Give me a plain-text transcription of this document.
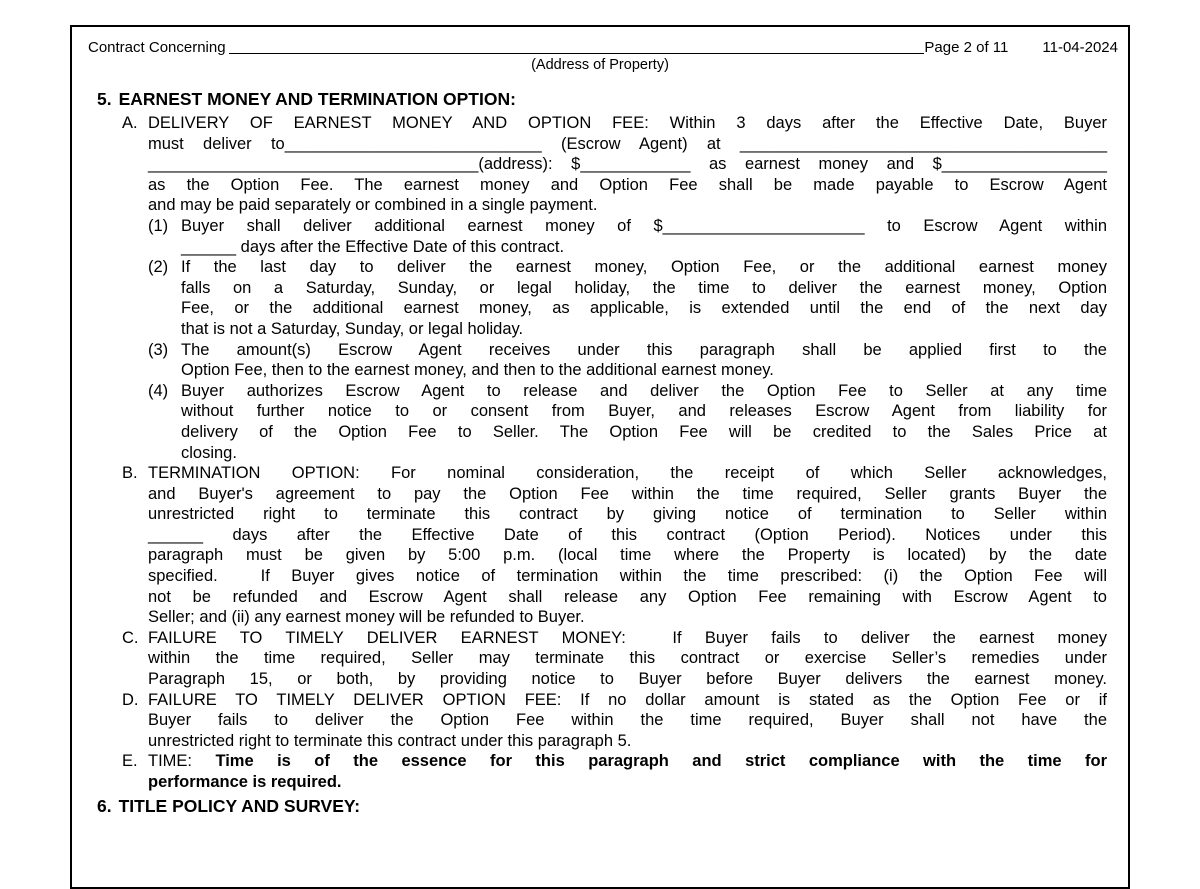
Contract Concerning	Page 2 of 11 11-04-2024
(Address of Property)
5. EARNEST MONEY AND TERMINATION OPTION:
A. DELIVERY OF EARNEST MONEY AND OPTION FEE: Within 3 days after the Effective Date, Buyer
must deliver to____________________________ (Escrow Agent) at ________________________________________
____________________________________(address): $____________ as earnest money and $__________________
as the Option Fee. The earnest money and Option Fee shall be made payable to Escrow Agent
and may be paid separately or combined in a single payment.
(1) Buyer shall deliver additional earnest money of $______________________ to Escrow Agent within
______ days after the Effective Date of this contract.
(2) If the last day to deliver the earnest money, Option Fee, or the additional earnest money
falls on a Saturday, Sunday, or legal holiday, the time to deliver the earnest money, Option
Fee, or the additional earnest money, as applicable, is extended until the end of the next day
that is not a Saturday, Sunday, or legal holiday.
(3) The amount(s) Escrow Agent receives under this paragraph shall be applied first to the
Option Fee, then to the earnest money, and then to the additional earnest money.
(4) Buyer authorizes Escrow Agent to release and deliver the Option Fee to Seller at any time
without further notice to or consent from Buyer, and releases Escrow Agent from liability for
delivery of the Option Fee to Seller. The Option Fee will be credited to the Sales Price at
closing.
B. TERMINATION OPTION: For nominal consideration, the receipt of which Seller acknowledges,
and Buyer's agreement to pay the Option Fee within the time required, Seller grants Buyer the
unrestricted right to terminate this contract by giving notice of termination to Seller within
______ days after the Effective Date of this contract (Option Period). Notices under this
paragraph must be given by 5:00 p.m. (local time where the Property is located) by the date
specified.  If Buyer gives notice of termination within the time prescribed: (i) the Option Fee will
not be refunded and Escrow Agent shall release any Option Fee remaining with Escrow Agent to
Seller; and (ii) any earnest money will be refunded to Buyer.
C. FAILURE TO TIMELY DELIVER EARNEST MONEY:  If Buyer fails to deliver the earnest money
within the time required, Seller may terminate this contract or exercise Seller’s remedies under
Paragraph 15, or both, by providing notice to Buyer before Buyer delivers the earnest money.
D. FAILURE TO TIMELY DELIVER OPTION FEE: If no dollar amount is stated as the Option Fee or if
Buyer fails to deliver the Option Fee within the time required, Buyer shall not have the
unrestricted right to terminate this contract under this paragraph 5.
E. TIME: Time is of the essence for this paragraph and strict compliance with the time for
performance is required.
6. TITLE POLICY AND SURVEY:
